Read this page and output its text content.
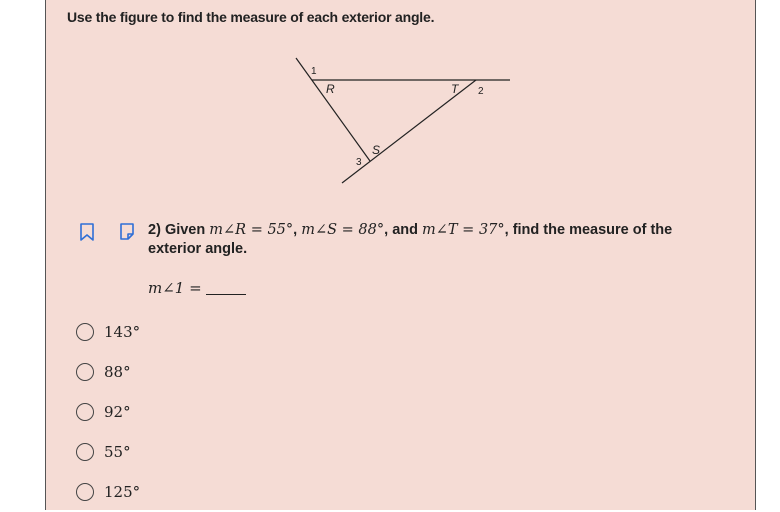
Use the figure to find the measure of each exterior angle.
1
R	T 2
S
3
2) Given m∠R = 55°, m∠S = 88°, and m∠T = 37°, find the measure of the exterior angle.
m∠1 =
143°
88°
92°
55°
125°
